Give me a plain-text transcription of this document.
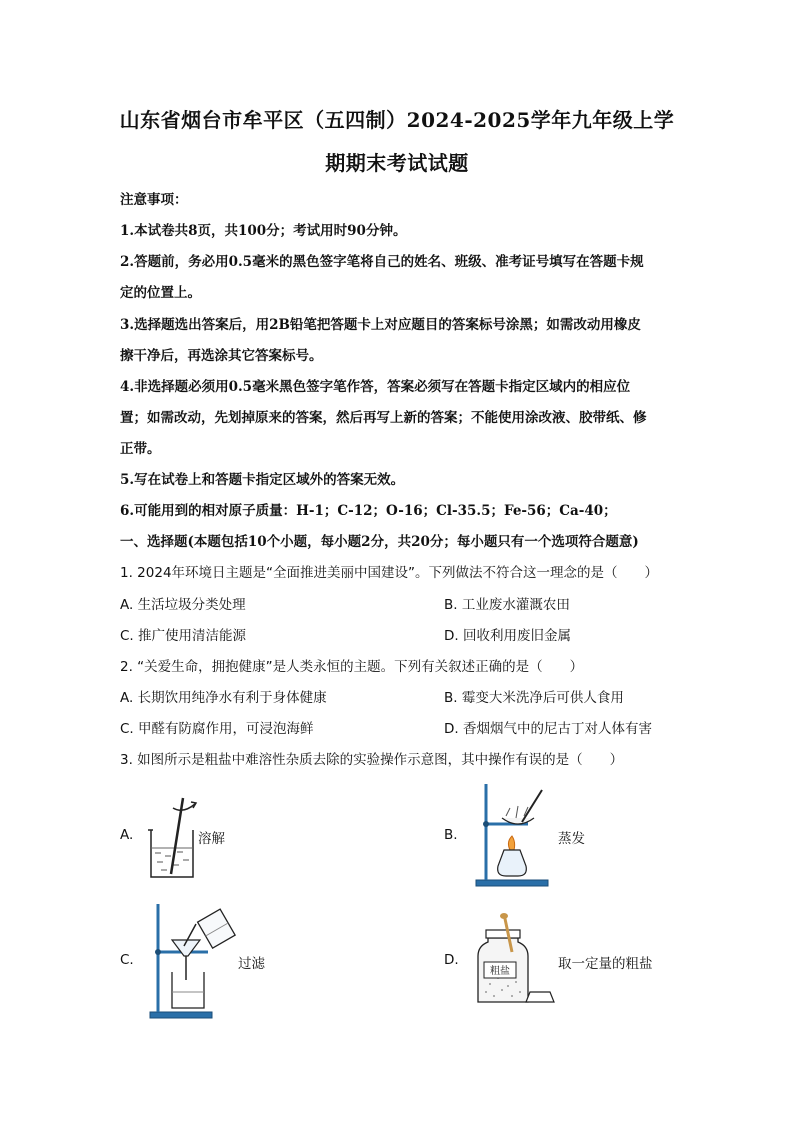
山东省烟台市牟平区（五四制）2024-2025学年九年级上学
期期末考试试题
注意事项：
1.本试卷共8页，共100分；考试用时90分钟。
2.答题前，务必用0.5毫米的黑色签字笔将自己的姓名、班级、准考证号填写在答题卡规
定的位置上。
3.选择题选出答案后，用2B铅笔把答题卡上对应题目的答案标号涂黑；如需改动用橡皮
擦干净后，再选涂其它答案标号。
4.非选择题必须用0.5毫米黑色签字笔作答，答案必须写在答题卡指定区域内的相应位
置；如需改动，先划掉原来的答案，然后再写上新的答案；不能使用涂改液、胶带纸、修
正带。
5.写在试卷上和答题卡指定区域外的答案无效。
6.可能用到的相对原子质量：H-1；C-12；O-16；Cl-35.5；Fe-56；Ca-40；
一、选择题(本题包括10个小题，每小题2分，共20分；每小题只有一个选项符合题意)
1. 2024年环境日主题是“全面推进美丽中国建设”。下列做法不符合这一理念的是（　　）
A. 生活垃圾分类处理	B. 工业废水灌溉农田
C. 推广使用清洁能源	D. 回收利用废旧金属
2. “关爱生命，拥抱健康”是人类永恒的主题。下列有关叙述正确的是（　　）
A. 长期饮用纯净水有利于身体健康	B. 霉变大米洗净后可供人食用
C. 甲醛有防腐作用，可浸泡海鲜	D. 香烟烟气中的尼古丁对人体有害
3. 如图所示是粗盐中难溶性杂质去除的实验操作示意图，其中操作有误的是（　　）
A.	溶解	B.	蒸发
C.	过滤	D.
粗盐	取一定量的粗盐
